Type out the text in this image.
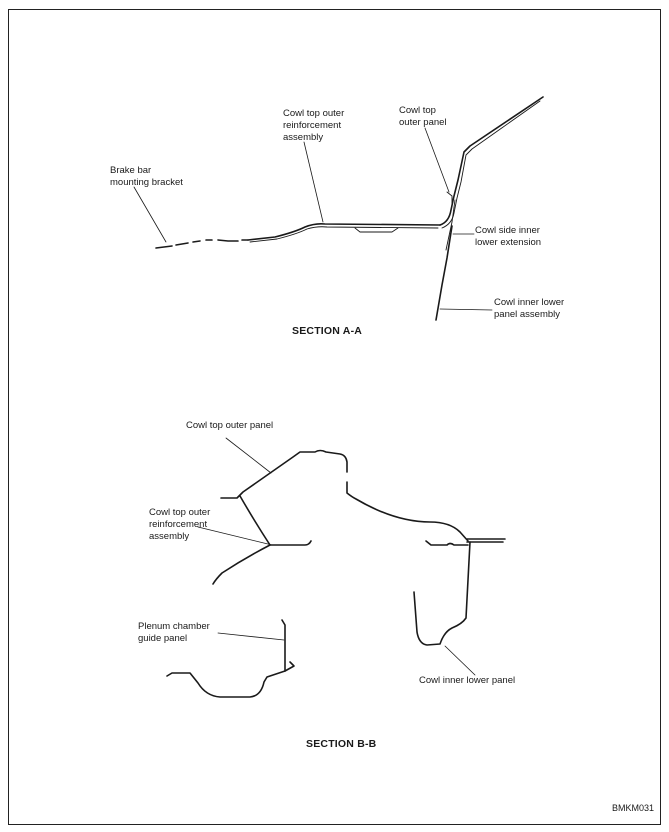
Brake bar
mounting bracket
Cowl top outer
reinforcement
assembly
Cowl top
outer panel
Cowl side inner
lower extension
Cowl inner lower
panel assembly
SECTION A-A
Cowl top outer panel
Cowl top outer
reinforcement
assembly
Plenum chamber
guide panel
Cowl inner lower panel
SECTION B-B
BMKM031
